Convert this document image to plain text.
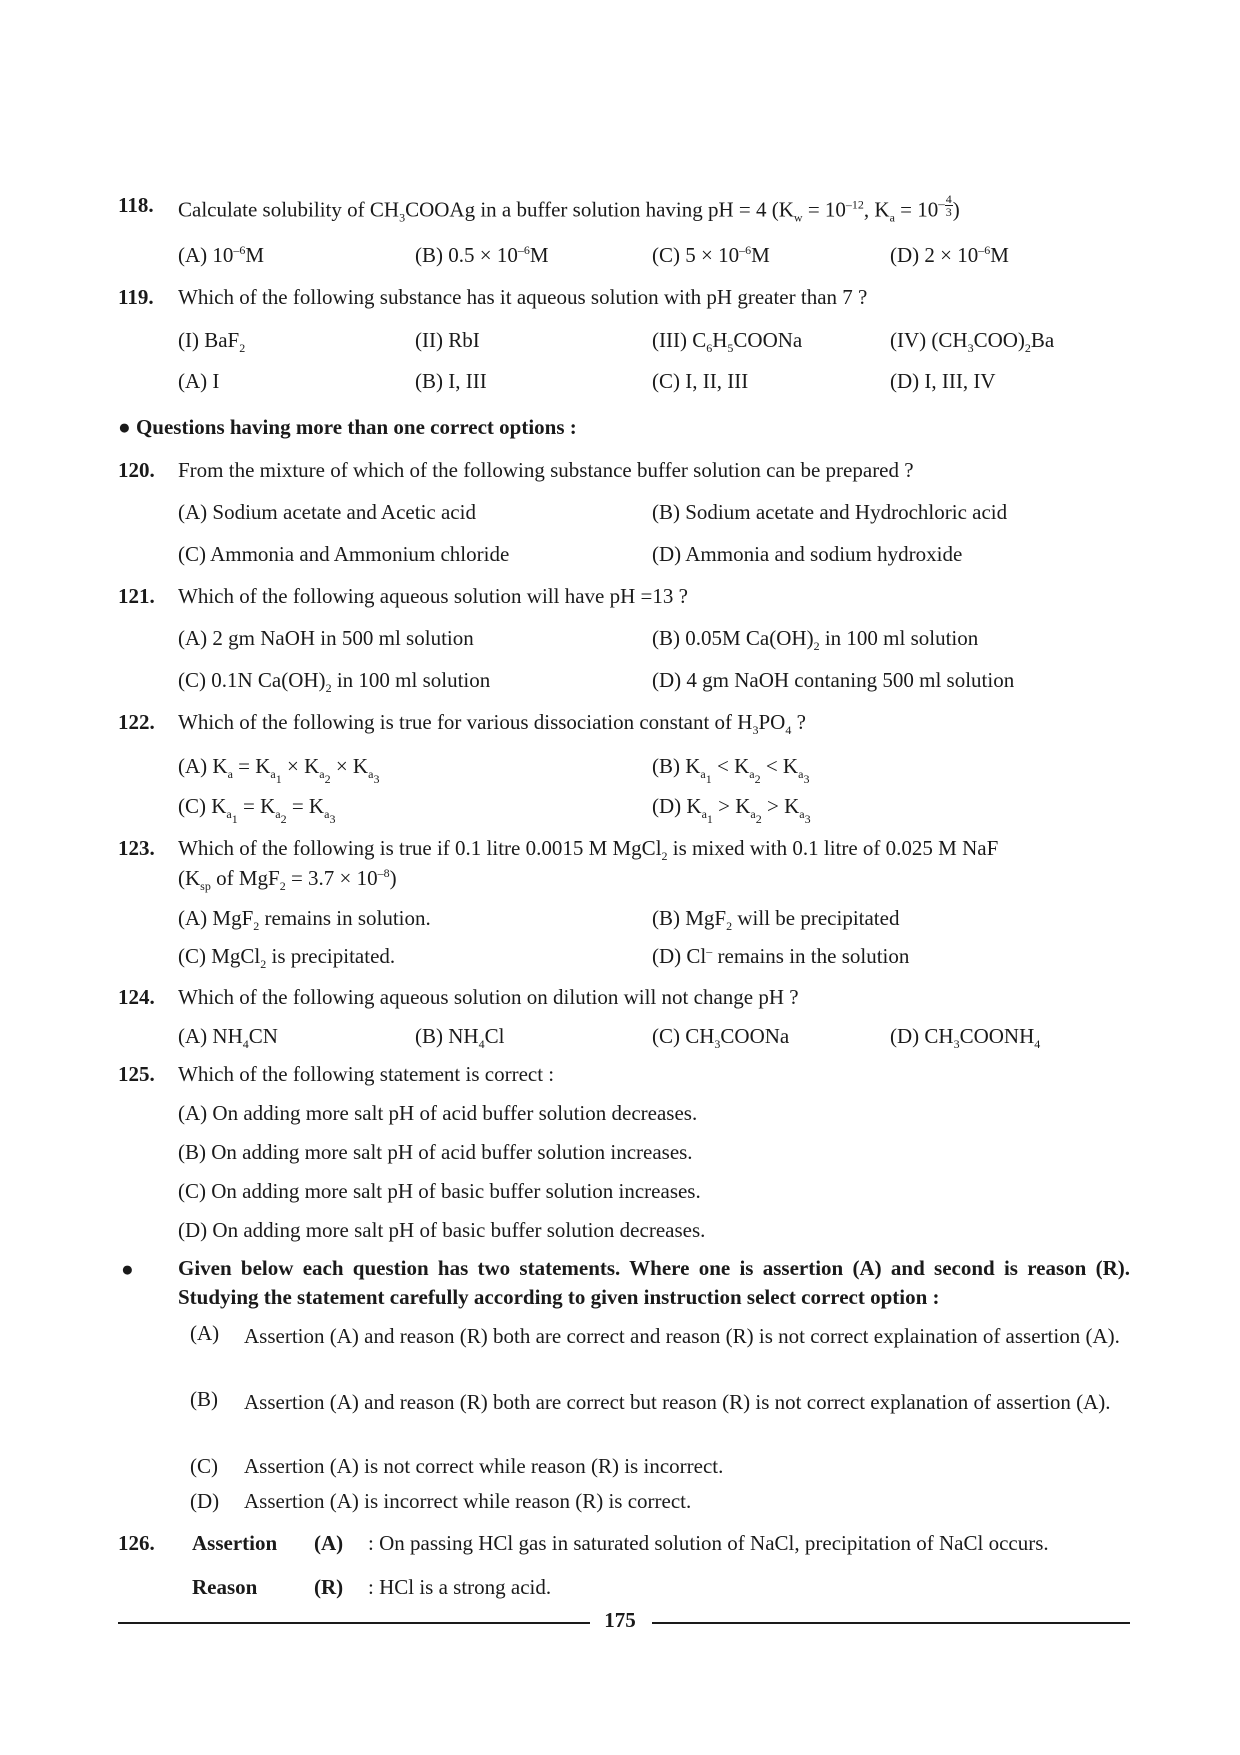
118. Calculate solubility of $CH_3COOAg$ in a buffer solution having pH = 4 ($K_w = 10^{-12}$, $K_a = 10^{- \frac{4}{3}}$ )
(A) $10^{-6}M$	(B) $0.5 \times 10^{-6}M$	(C) $5 \times 10^{-6}M$	(D) $2 \times 10^{-6}M$
119. Which of the following substance has it aqueous solution with pH greater than 7 ?
(I) BaF$_2$	(II) RbI	(III) $C_6H_5COONa$	(IV) $(CH_3COO)_2Ba$
(A) I	(B) I, III	(C) I, II, III	(D) I, III, IV
● Questions having more than one correct options :
120. From the mixture of which of the following substance buffer solution can be prepared ?
(A) Sodium acetate and Acetic acid	(B) Sodium acetate and Hydrochloric acid
(C) Ammonia and Ammonium chloride	(D) Ammonia and sodium hydroxide
121. Which of the following aqueous solution will have pH =13 ?
(A) 2 gm NaOH in 500 ml solution	(B) 0.05M $Ca(OH)_2$ in 100 ml solution
(C) 0.1N $Ca(OH)_2$ in 100 ml solution	(D) 4 gm NaOH contaning 500 ml solution
122. Which of the following is true for various dissociation constant of $H_3PO_4$ ?
(A) $K_a = K_{a_1} \times K_{a_2} \times K_{a_3}$
(B) $K_{a_1} < K_{a_2} < K_{a_3}$
(C) $K_{a_1} = K_{a_2} = K_{a_3}$
(D) $K_{a_1} > K_{a_2} > K_{a_3}$
123. Which of the following is true if 0.1 litre 0.0015 M MgCl$_2$ is mixed with 0.1 litre of 0.025 M NaF
($K_{sp}$ of $MgF_2 = 3.7 \times 10^{-8}$)
(A) MgF$_2$ remains in solution.	(B) MgF$_2$ will be precipitated
(C) MgCl$_2$ is precipitated.	(D) Cl– remains in the solution
124. Which of the following aqueous solution on dilution will not change pH ?
(A) $NH_4CN$	(B) $NH_4Cl$	(C) $CH_3COONa$	(D) $CH_3COONH_4$
125. Which of the following statement is correct :
(A) On adding more salt pH of acid buffer solution decreases.
(B) On adding more salt pH of acid buffer solution increases.
(C) On adding more salt pH of basic buffer solution increases.
(D) On adding more salt pH of basic buffer solution decreases.
● Given below each question has two statements. Where one is assertion (A) and second is reason (R). Studying the statement carefully according to given instruction select correct option :
(A) Assertion (A) and reason (R) both are correct and reason (R) is not correct explaination of assertion (A).
(B) Assertion (A) and reason (R) both are correct but reason (R) is not correct explanation of assertion (A).
(C) Assertion (A) is not correct while reason (R) is incorrect.
(D) Assertion (A) is incorrect while reason (R) is correct.
126. Assertion (A) : On passing HCl gas in saturated solution of NaCl, precipitation of NaCl occurs.
Reason	(R) : HCl is a strong acid.
175
